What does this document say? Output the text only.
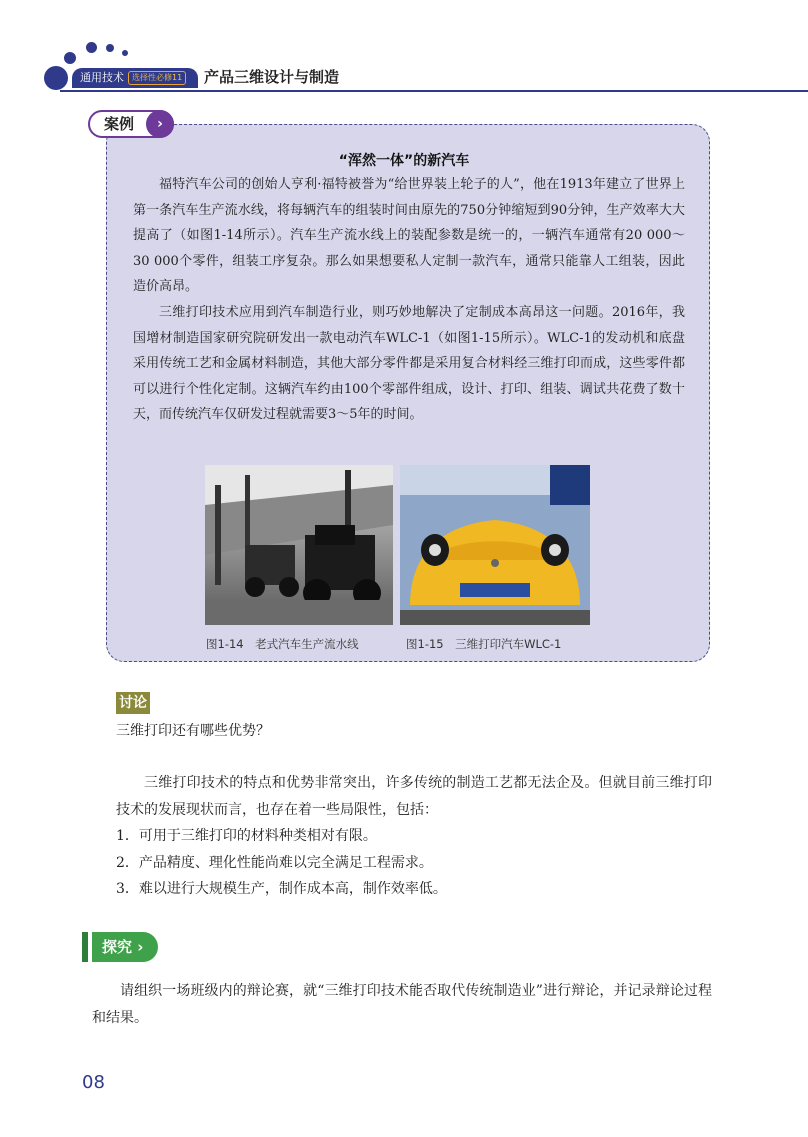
通用技术 选择性必修11	产品三维设计与制造
案例	›
“浑然一体”的新汽车
福特汽车公司的创始人亨利·福特被誉为“给世界装上轮子的人”，他在1913年建立了世界上第一条汽车生产流水线，将每辆汽车的组装时间由原先的750分钟缩短到90分钟，生产效率大大提高了（如图1-14所示）。汽车生产流水线上的装配参数是统一的，一辆汽车通常有20 000～30 000个零件，组装工序复杂。那么如果想要私人定制一款汽车，通常只能靠人工组装，因此造价高昂。
三维打印技术应用到汽车制造行业，则巧妙地解决了定制成本高昂这一问题。2016年，我国增材制造国家研究院研发出一款电动汽车WLC-1（如图1-15所示）。WLC-1的发动机和底盘采用传统工艺和金属材料制造，其他大部分零件都是采用复合材料经三维打印而成，这些零件都可以进行个性化定制。这辆汽车约由100个零部件组成，设计、打印、组装、调试共花费了数十天，而传统汽车仅研发过程就需要3～5年的时间。
图1-14　老式汽车生产流水线	图1-15　三维打印汽车WLC-1
讨论
三维打印还有哪些优势？
三维打印技术的特点和优势非常突出，许多传统的制造工艺都无法企及。但就目前三维打印技术的发展现状而言，也存在着一些局限性，包括：
1．可用于三维打印的材料种类相对有限。
2．产品精度、理化性能尚难以完全满足工程需求。
3．难以进行大规模生产，制作成本高，制作效率低。
探究 ›
请组织一场班级内的辩论赛，就“三维打印技术能否取代传统制造业”进行辩论，并记录辩论过程和结果。
08
